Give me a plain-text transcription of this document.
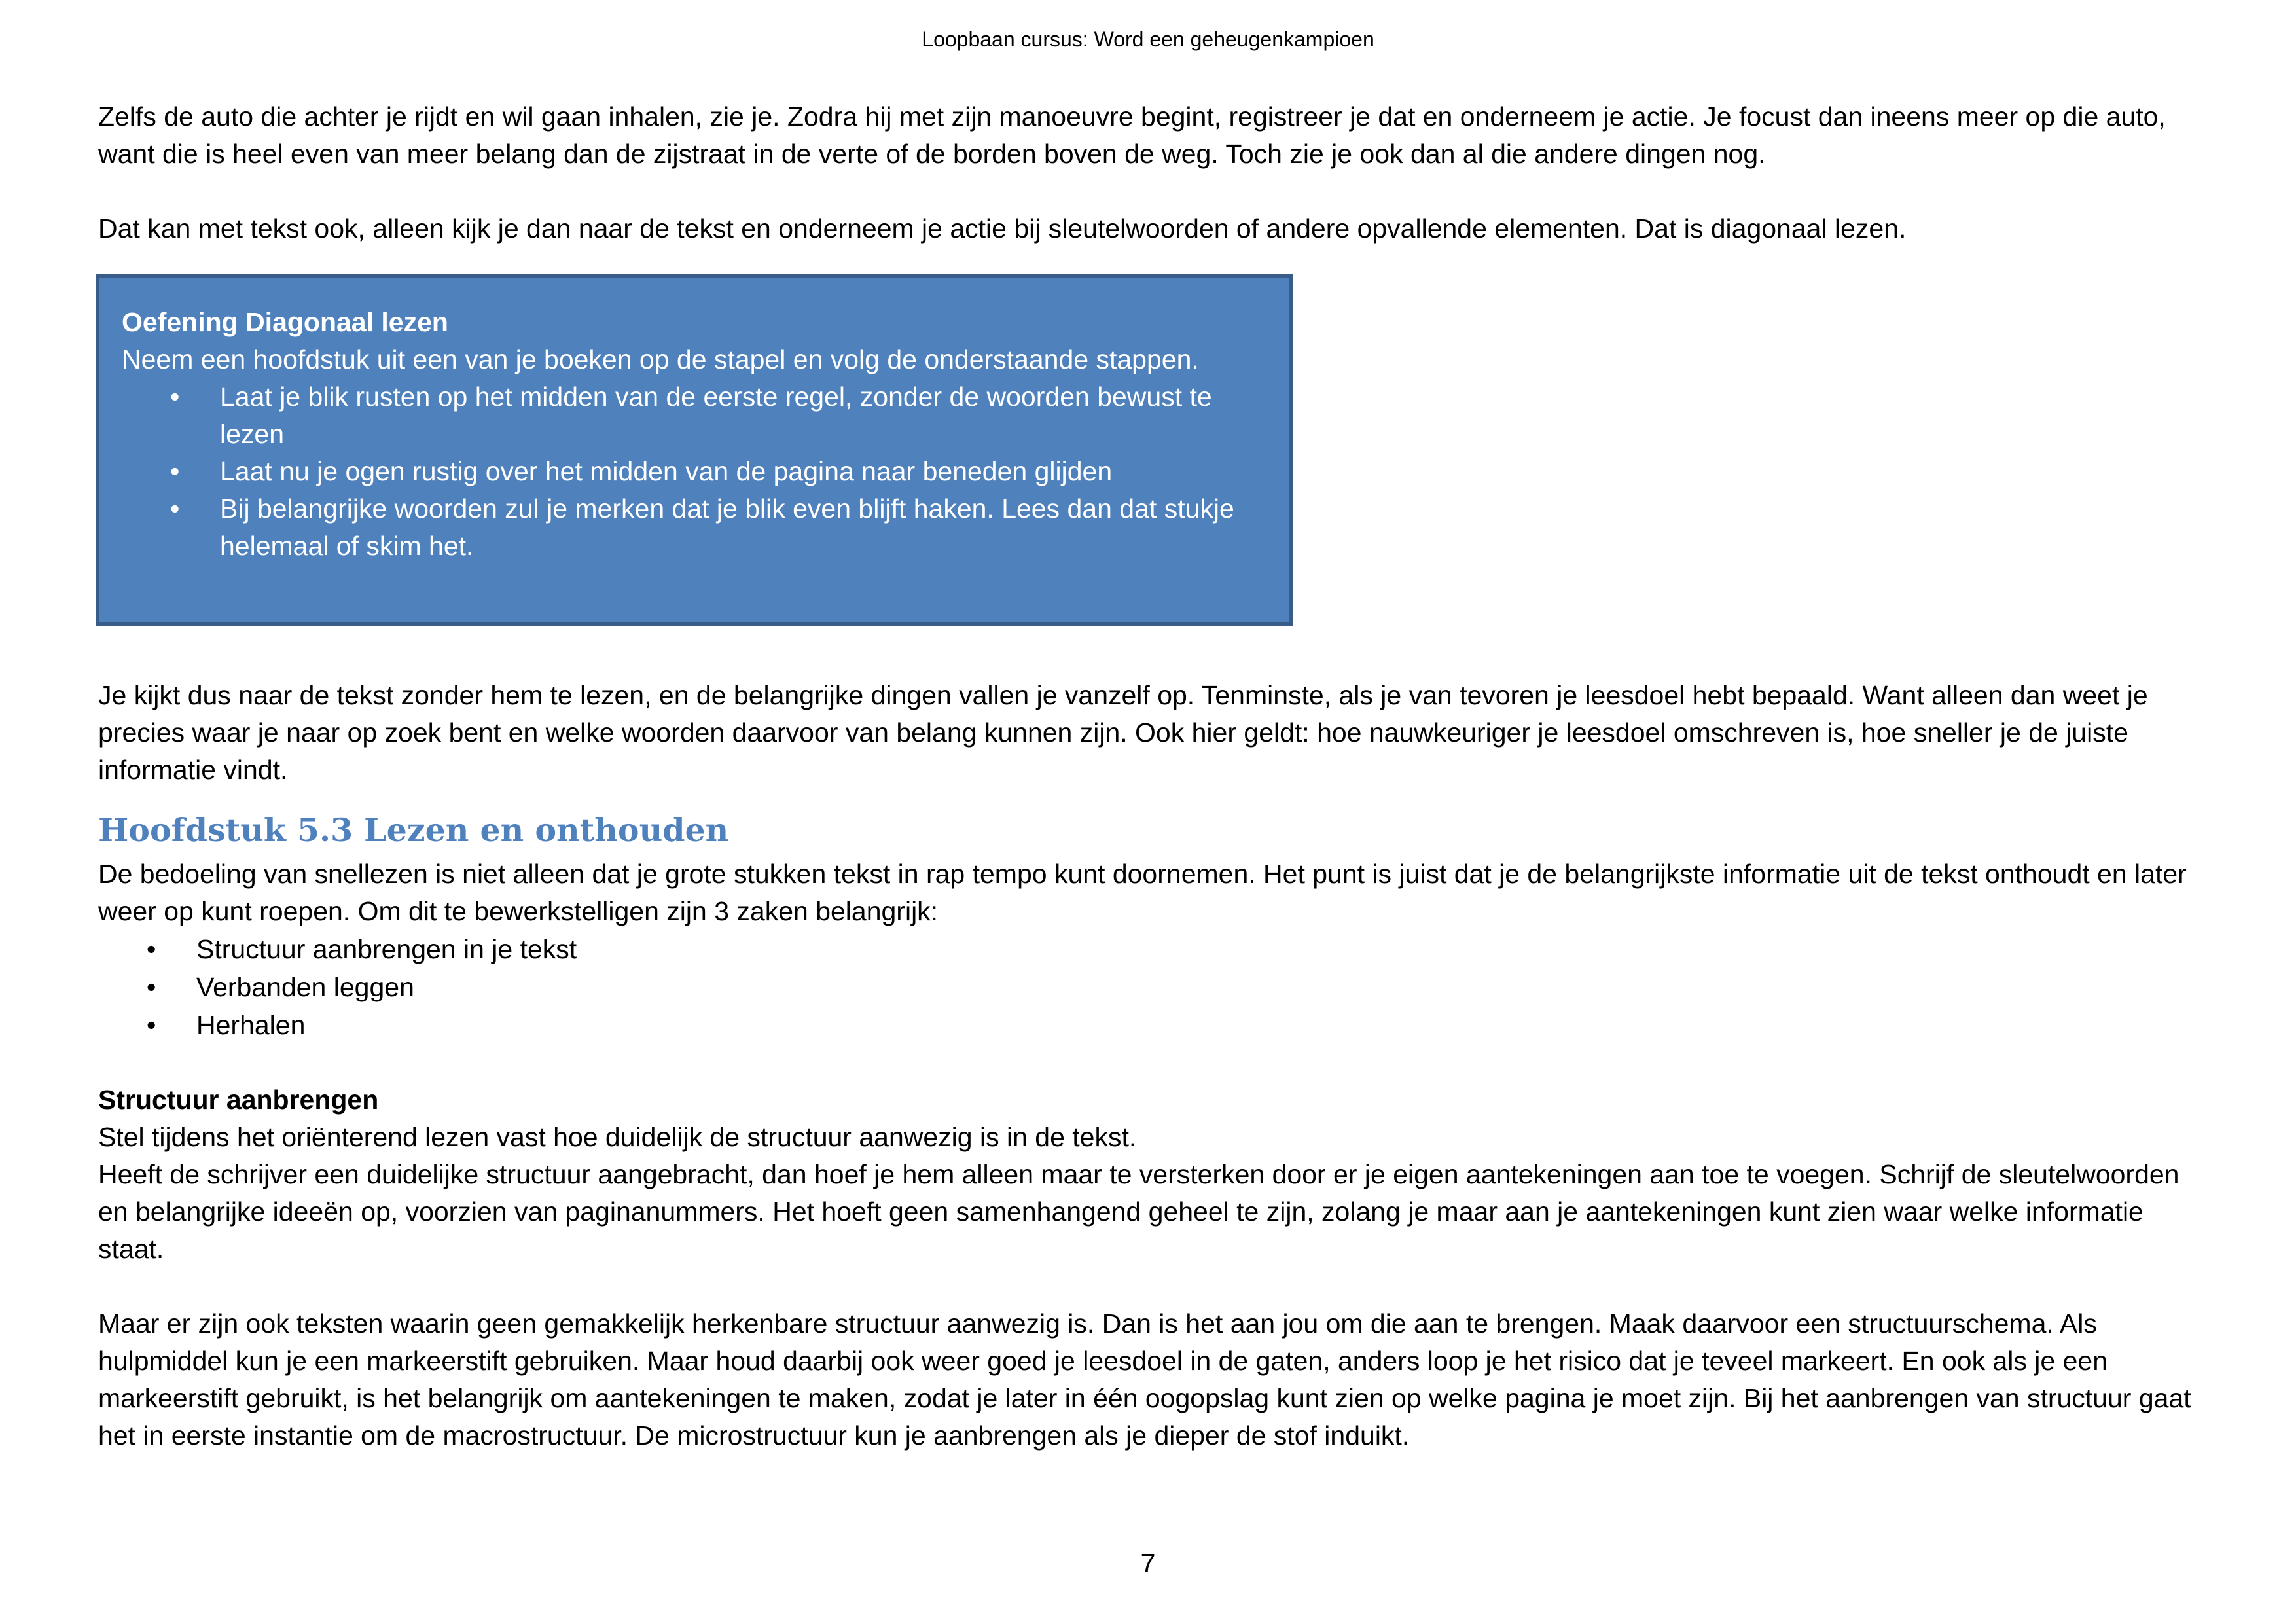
Loopbaan cursus: Word een geheugenkampioen

Zelfs de auto die achter je rijdt en wil gaan inhalen, zie je. Zodra hij met zijn manoeuvre begint, registreer je dat en onderneem je actie. Je focust dan ineens meer op die auto, want die is heel even van meer belang dan de zijstraat in de verte of de borden boven de weg. Toch zie je ook dan al die andere dingen nog.

Dat kan met tekst ook, alleen kijk je dan naar de tekst en onderneem je actie bij sleutelwoorden of andere opvallende elementen. Dat is diagonaal lezen.

Oefening Diagonaal lezen
Neem een hoofdstuk uit een van je boeken op de stapel en volg de onderstaande stappen.
• Laat je blik rusten op het midden van de eerste regel, zonder de woorden bewust te lezen
• Laat nu je ogen rustig over het midden van de pagina naar beneden glijden
• Bij belangrijke woorden zul je merken dat je blik even blijft haken. Lees dan dat stukje helemaal of skim het.

Je kijkt dus naar de tekst zonder hem te lezen, en de belangrijke dingen vallen je vanzelf op. Tenminste, als je van tevoren je leesdoel hebt bepaald. Want alleen dan weet je precies waar je naar op zoek bent en welke woorden daarvoor van belang kunnen zijn. Ook hier geldt: hoe nauwkeuriger je leesdoel omschreven is, hoe sneller je de juiste informatie vindt.

Hoofdstuk 5.3 Lezen en onthouden

De bedoeling van snellezen is niet alleen dat je grote stukken tekst in rap tempo kunt doornemen. Het punt is juist dat je de belangrijkste informatie uit de tekst onthoudt en later weer op kunt roepen. Om dit te bewerkstelligen zijn 3 zaken belangrijk:

• Structuur aanbrengen in je tekst
• Verbanden leggen
• Herhalen

Structuur aanbrengen

Stel tijdens het oriënterend lezen vast hoe duidelijk de structuur aanwezig is in de tekst.

Heeft de schrijver een duidelijke structuur aangebracht, dan hoef je hem alleen maar te versterken door er je eigen aantekeningen aan toe te voegen. Schrijf de sleutelwoorden en belangrijke ideeën op, voorzien van paginanummers. Het hoeft geen samenhangend geheel te zijn, zolang je maar aan je aantekeningen kunt zien waar welke informatie staat.

Maar er zijn ook teksten waarin geen gemakkelijk herkenbare structuur aanwezig is. Dan is het aan jou om die aan te brengen. Maak daarvoor een structuurschema. Als hulpmiddel kun je een markeerstift gebruiken. Maar houd daarbij ook weer goed je leesdoel in de gaten, anders loop je het risico dat je teveel markeert. En ook als je een markeerstift gebruikt, is het belangrijk om aantekeningen te maken, zodat je later in één oogopslag kunt zien op welke pagina je moet zijn. Bij het aanbrengen van structuur gaat het in eerste instantie om de macrostructuur. De microstructuur kun je aanbrengen als je dieper de stof induikt.

7
